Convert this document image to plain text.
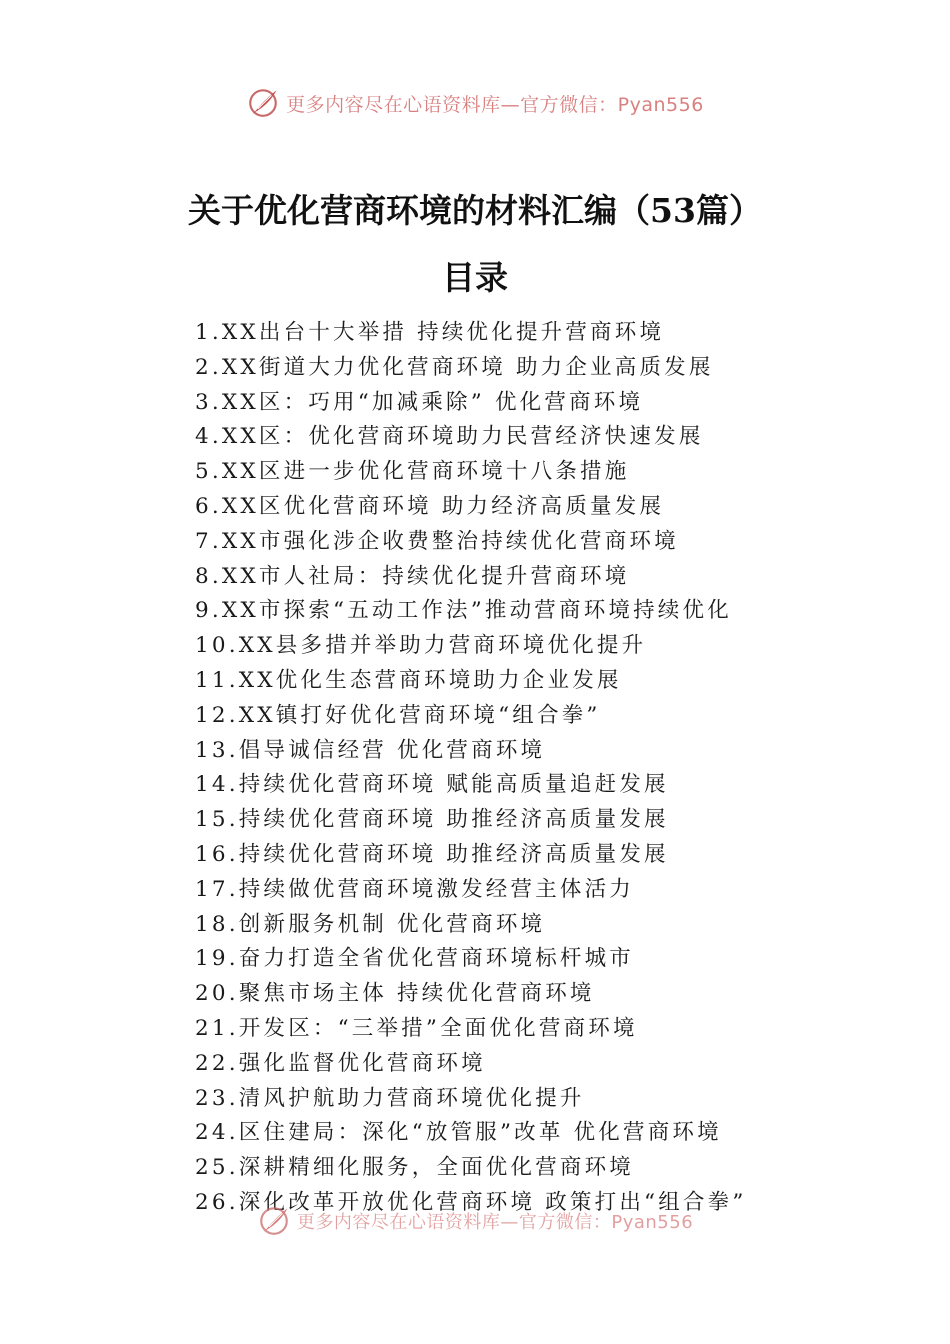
更多内容尽在心语资料库—官方微信：Pyan556
关于优化营商环境的材料汇编（53篇）
目录
1.XX出台十大举措 持续优化提升营商环境
2.XX街道大力优化营商环境 助力企业高质发展
3.XX区：巧用“加减乘除” 优化营商环境
4.XX区：优化营商环境助力民营经济快速发展
5.XX区进一步优化营商环境十八条措施
6.XX区优化营商环境 助力经济高质量发展
7.XX市强化涉企收费整治持续优化营商环境
8.XX市人社局：持续优化提升营商环境
9.XX市探索“五动工作法”推动营商环境持续优化
10.XX县多措并举助力营商环境优化提升
11.XX优化生态营商环境助力企业发展
12.XX镇打好优化营商环境“组合拳”
13.倡导诚信经营 优化营商环境
14.持续优化营商环境 赋能高质量追赶发展
15.持续优化营商环境 助推经济高质量发展
16.持续优化营商环境 助推经济高质量发展
17.持续做优营商环境激发经营主体活力
18.创新服务机制 优化营商环境
19.奋力打造全省优化营商环境标杆城市
20.聚焦市场主体 持续优化营商环境
21.开发区：“三举措”全面优化营商环境
22.强化监督优化营商环境
23.清风护航助力营商环境优化提升
24.区住建局：深化“放管服”改革 优化营商环境
25.深耕精细化服务，全面优化营商环境
26.深化改革开放优化营商环境 政策打出“组合拳”
更多内容尽在心语资料库—官方微信：Pyan556
